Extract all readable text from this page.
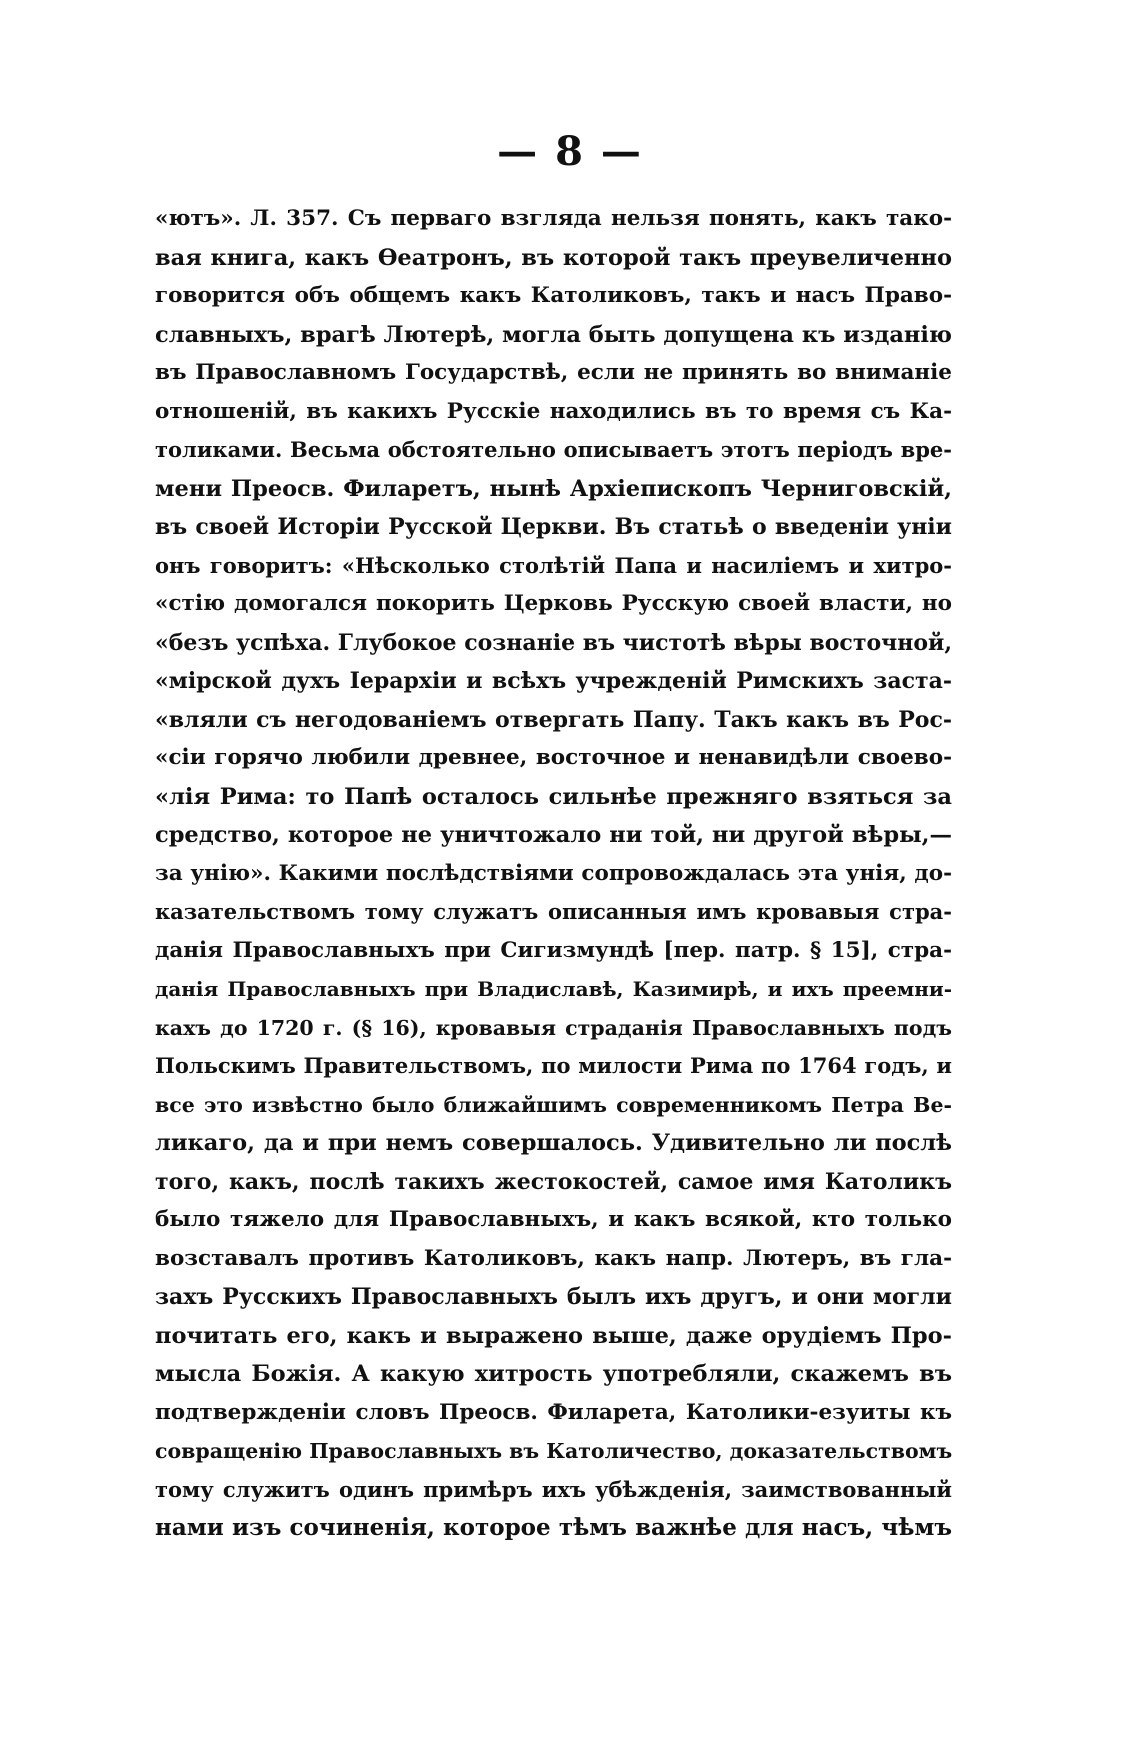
— 8 —
«ютъ». Л. 357. Съ перваго взгляда нельзя понять, какъ тако-
вая книга, какъ Ѳеатронъ, въ которой такъ преувеличенно
говорится объ общемъ какъ Католиковъ, такъ и насъ Право-
славныхъ, врагѣ Лютерѣ, могла быть допущена къ изданiю
въ Православномъ Государствѣ, если не принять во вниманiе
отношенiй, въ какихъ Русскiе находились въ то время съ Ка-
толиками. Весьма обстоятельно описываетъ этотъ перiодъ вре-
мени Преосв. Филаретъ, нынѣ Архiепископъ Черниговскiй,
въ своей Исторiи Русской Церкви. Въ статьѣ о введенiи унiи
онъ говоритъ: «Нѣсколько столѣтiй Папа и насилiемъ и хитро-
«стiю домогался покорить Церковь Русскую своей власти, но
«безъ успѣха. Глубокое сознанiе въ чистотѣ вѣры восточной,
«мiрской духъ Iерархiи и всѣхъ учрежденiй Римскихъ заста-
«вляли съ негодованiемъ отвергать Папу. Такъ какъ въ Рос-
«сiи горячо любили древнее, восточное и ненавидѣли своево-
«лiя Рима: то Папѣ осталось сильнѣе прежняго взяться за
средство, которое не уничтожало ни той, ни другой вѣры,—
за унiю». Какими послѣдствiями сопровождалась эта унiя, до-
казательствомъ тому служатъ описанныя имъ кровавыя стра-
данiя Православныхъ при Сигизмундѣ [пер. патр. § 15], стра-
данiя Православныхъ при Владиславѣ, Казимирѣ, и ихъ преемни-
кахъ до 1720 г. (§ 16), кровавыя страданiя Православныхъ подъ
Польскимъ Правительствомъ, по милости Рима по 1764 годъ, и
все это извѣстно было ближайшимъ современникомъ Петра Ве-
ликаго, да и при немъ совершалось. Удивительно ли послѣ
того, какъ, послѣ такихъ жестокостей, самое имя Католикъ
было тяжело для Православныхъ, и какъ всякой, кто только
возставалъ противъ Католиковъ, какъ напр. Лютеръ, въ гла-
захъ Русскихъ Православныхъ былъ ихъ другъ, и они могли
почитать его, какъ и выражено выше, даже орудiемъ Про-
мысла Божiя. А какую хитрость употребляли, скажемъ въ
подтвержденiи словъ Преосв. Филарета, Католики-езуиты къ
совращенiю Православныхъ въ Католичество, доказательствомъ
тому служитъ одинъ примѣръ ихъ убѣжденiя, заимствованный
нами изъ сочиненiя, которое тѣмъ важнѣе для насъ, чѣмъ
